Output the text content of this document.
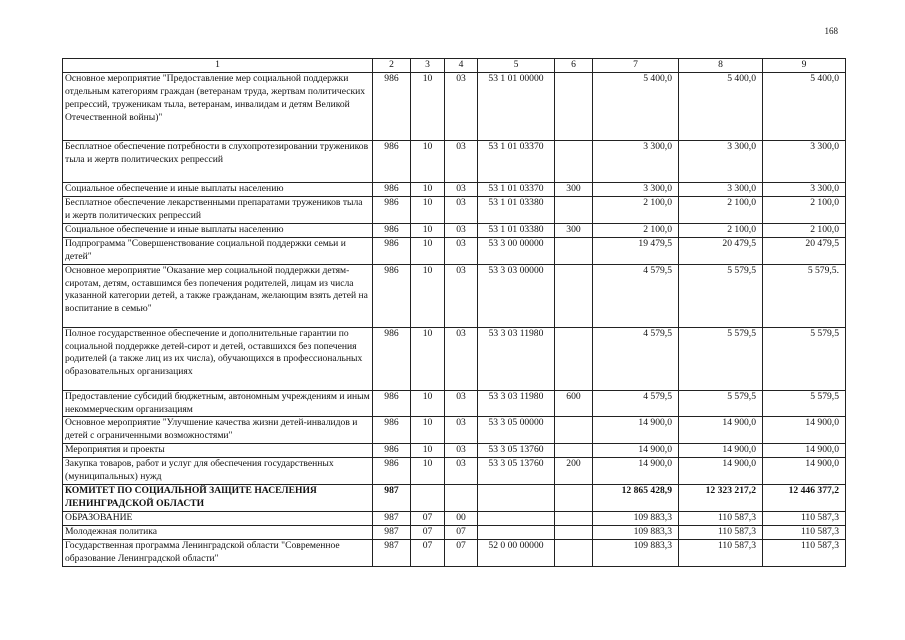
168
1	2	3	4	5	6	7	8	9
Основное мероприятие "Предоставление мер социальной поддержки отдельным категориям граждан (ветеранам труда, жертвам политических репрессий, труженикам тыла, ветеранам, инвалидам и детям Великой Отечественной войны)"	986	10	03	53 1 01 00000		5 400,0	5 400,0	5 400,0
Бесплатное обеспечение потребности в слухопротезировании тружеников тыла и жертв политических репрессий	986	10	03	53 1 01 03370		3 300,0	3 300,0	3 300,0
Социальное обеспечение и иные выплаты населению	986	10	03	53 1 01 03370	300	3 300,0	3 300,0	3 300,0
Бесплатное обеспечение лекарственными препаратами тружеников тыла и жертв политических репрессий	986	10	03	53 1 01 03380		2 100,0	2 100,0	2 100,0
Социальное обеспечение и иные выплаты населению	986	10	03	53 1 01 03380	300	2 100,0	2 100,0	2 100,0
Подпрограмма "Совершенствование социальной поддержки семьи и детей"	986	10	03	53 3 00 00000		19 479,5	20 479,5	20 479,5
Основное мероприятие "Оказание мер социальной поддержки детям-сиротам, детям, оставшимся без попечения родителей, лицам из числа указанной категории детей, а также гражданам, желающим взять детей на воспитание в семью"	986	10	03	53 3 03 00000		4 579,5	5 579,5	5 579,5.
Полное государственное обеспечение и дополнительные гарантии по социальной поддержке детей-сирот и детей, оставшихся без попечения родителей (а также лиц из их числа), обучающихся в профессиональных образовательных организациях	986	10	03	53 3 03 11980		4 579,5	5 579,5	5 579,5
Предоставление субсидий бюджетным, автономным учреждениям и иным некоммерческим организациям	986	10	03	53 3 03 11980	600	4 579,5	5 579,5	5 579,5
Основное мероприятие "Улучшение качества жизни детей-инвалидов и детей с ограниченными возможностями"	986	10	03	53 3 05 00000		14 900,0	14 900,0	14 900,0
Мероприятия и проекты	986	10	03	53 3 05 13760		14 900,0	14 900,0	14 900,0
Закупка товаров, работ и услуг для обеспечения государственных (муниципальных) нужд	986	10	03	53 3 05 13760	200	14 900,0	14 900,0	14 900,0
КОМИТЕТ ПО СОЦИАЛЬНОЙ ЗАЩИТЕ НАСЕЛЕНИЯ ЛЕНИНГРАДСКОЙ ОБЛАСТИ	987					12 865 428,9	12 323 217,2	12 446 377,2
ОБРАЗОВАНИЕ	987	07	00			109 883,3	110 587,3	110 587,3
Молодежная политика	987	07	07			109 883,3	110 587,3	110 587,3
Государственная программа Ленинградской области "Современное образование Ленинградской области"	987	07	07	52 0 00 00000		109 883,3	110 587,3	110 587,3
